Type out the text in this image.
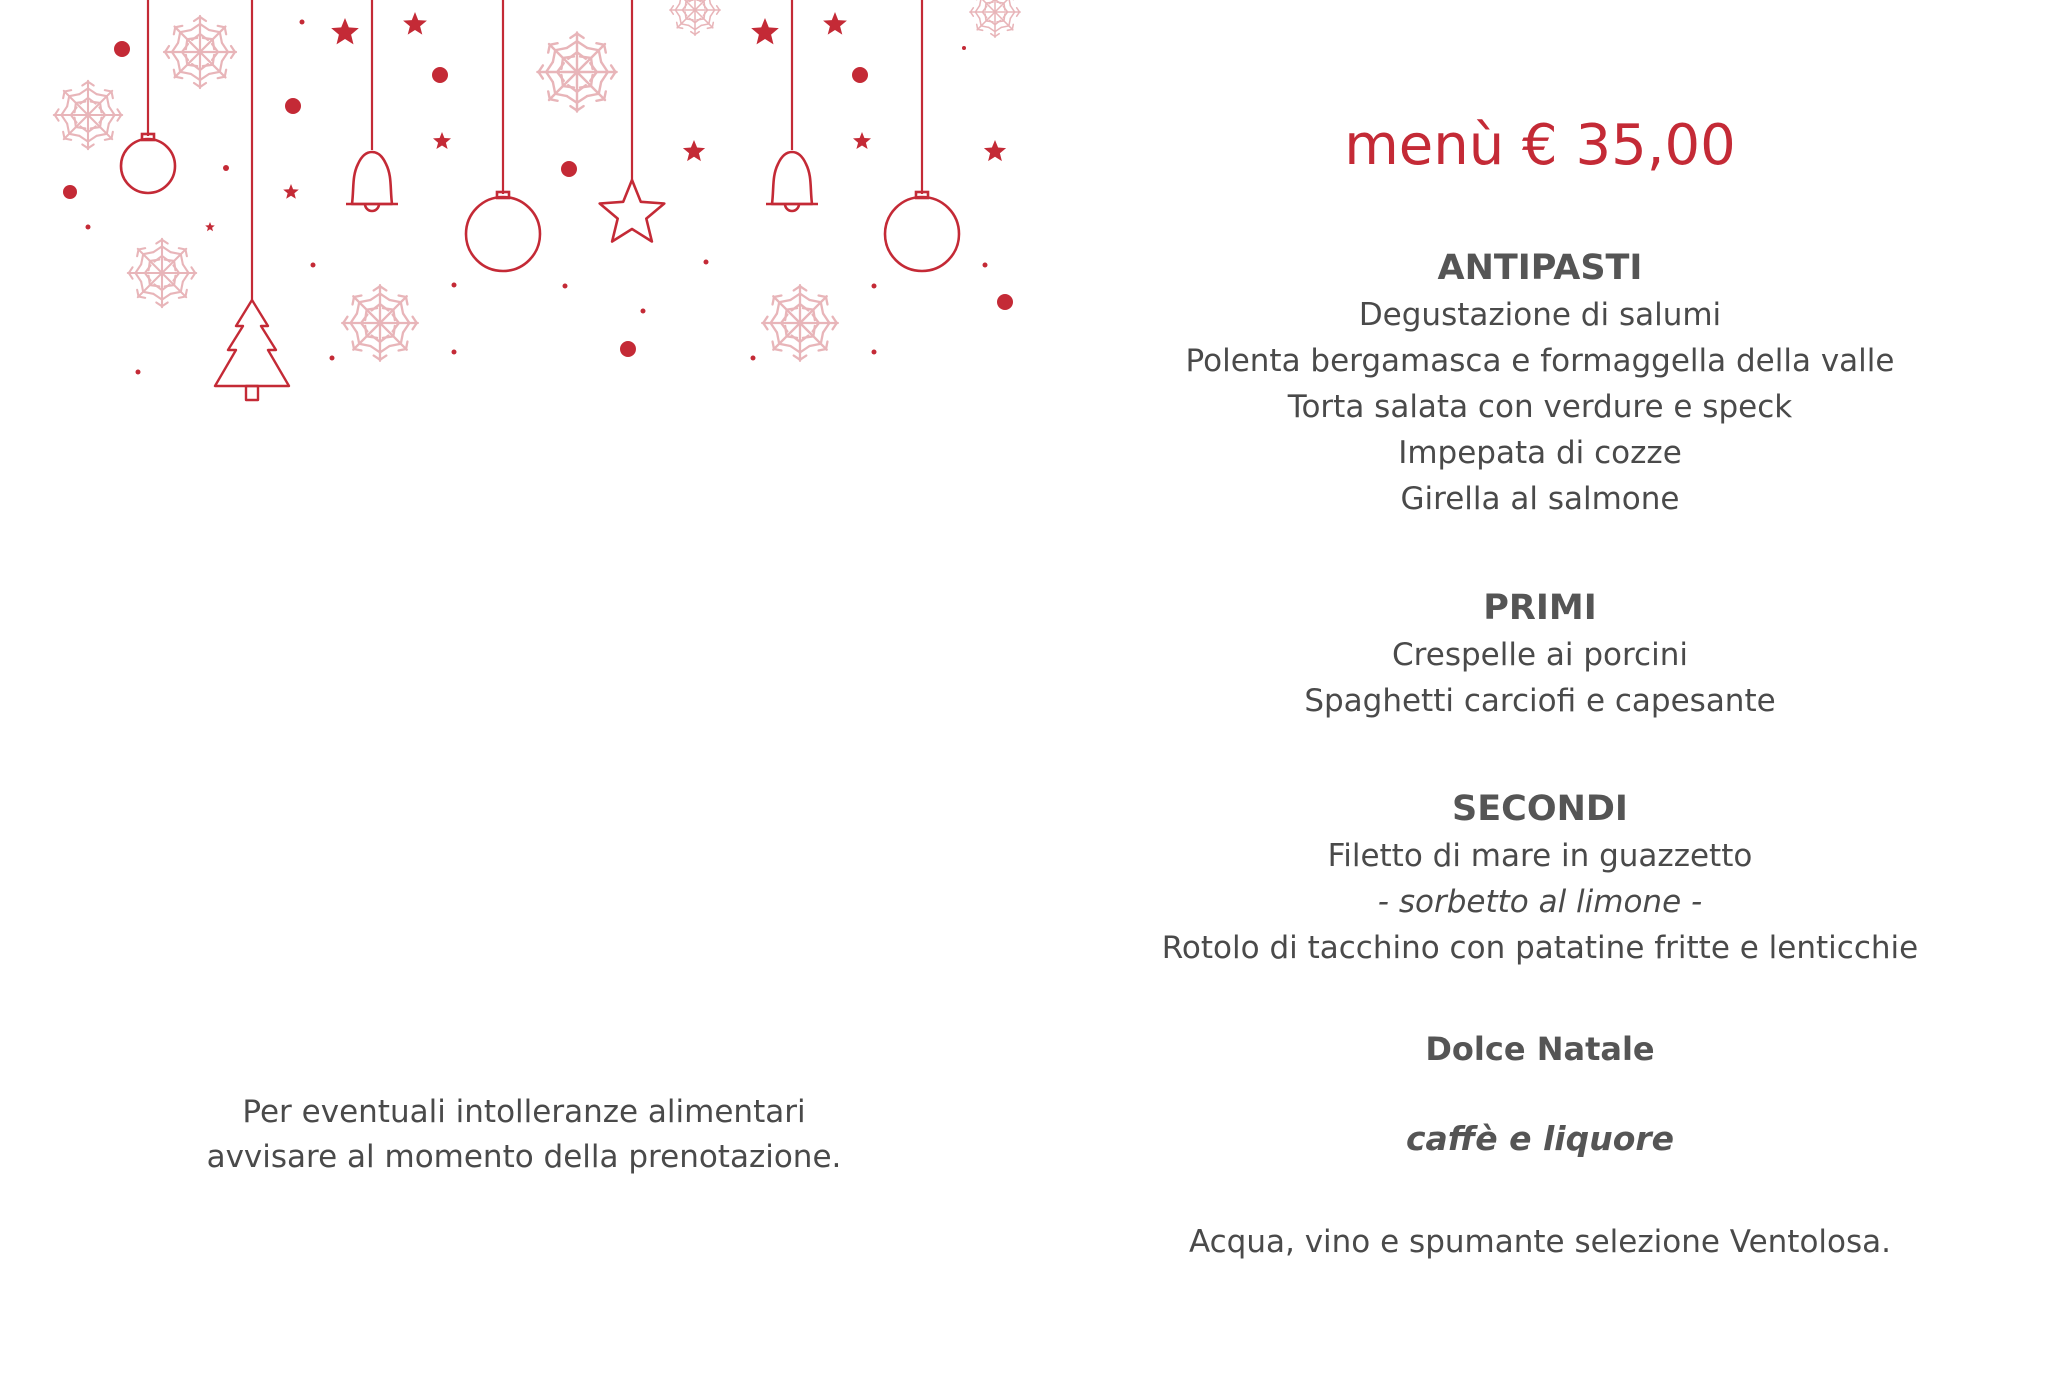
Per eventuali intolleranze alimentari
avvisare al momento della prenotazione.
menù € 35,00
ANTIPASTI
Degustazione di salumi
Polenta bergamasca e formaggella della valle
Torta salata con verdure e speck
Impepata di cozze
Girella al salmone
PRIMI
Crespelle ai porcini
Spaghetti carciofi e capesante
SECONDI
Filetto di mare in guazzetto
- sorbetto al limone -
Rotolo di tacchino con patatine fritte e lenticchie
Dolce Natale
caffè e liquore
Acqua, vino e spumante selezione Ventolosa.
